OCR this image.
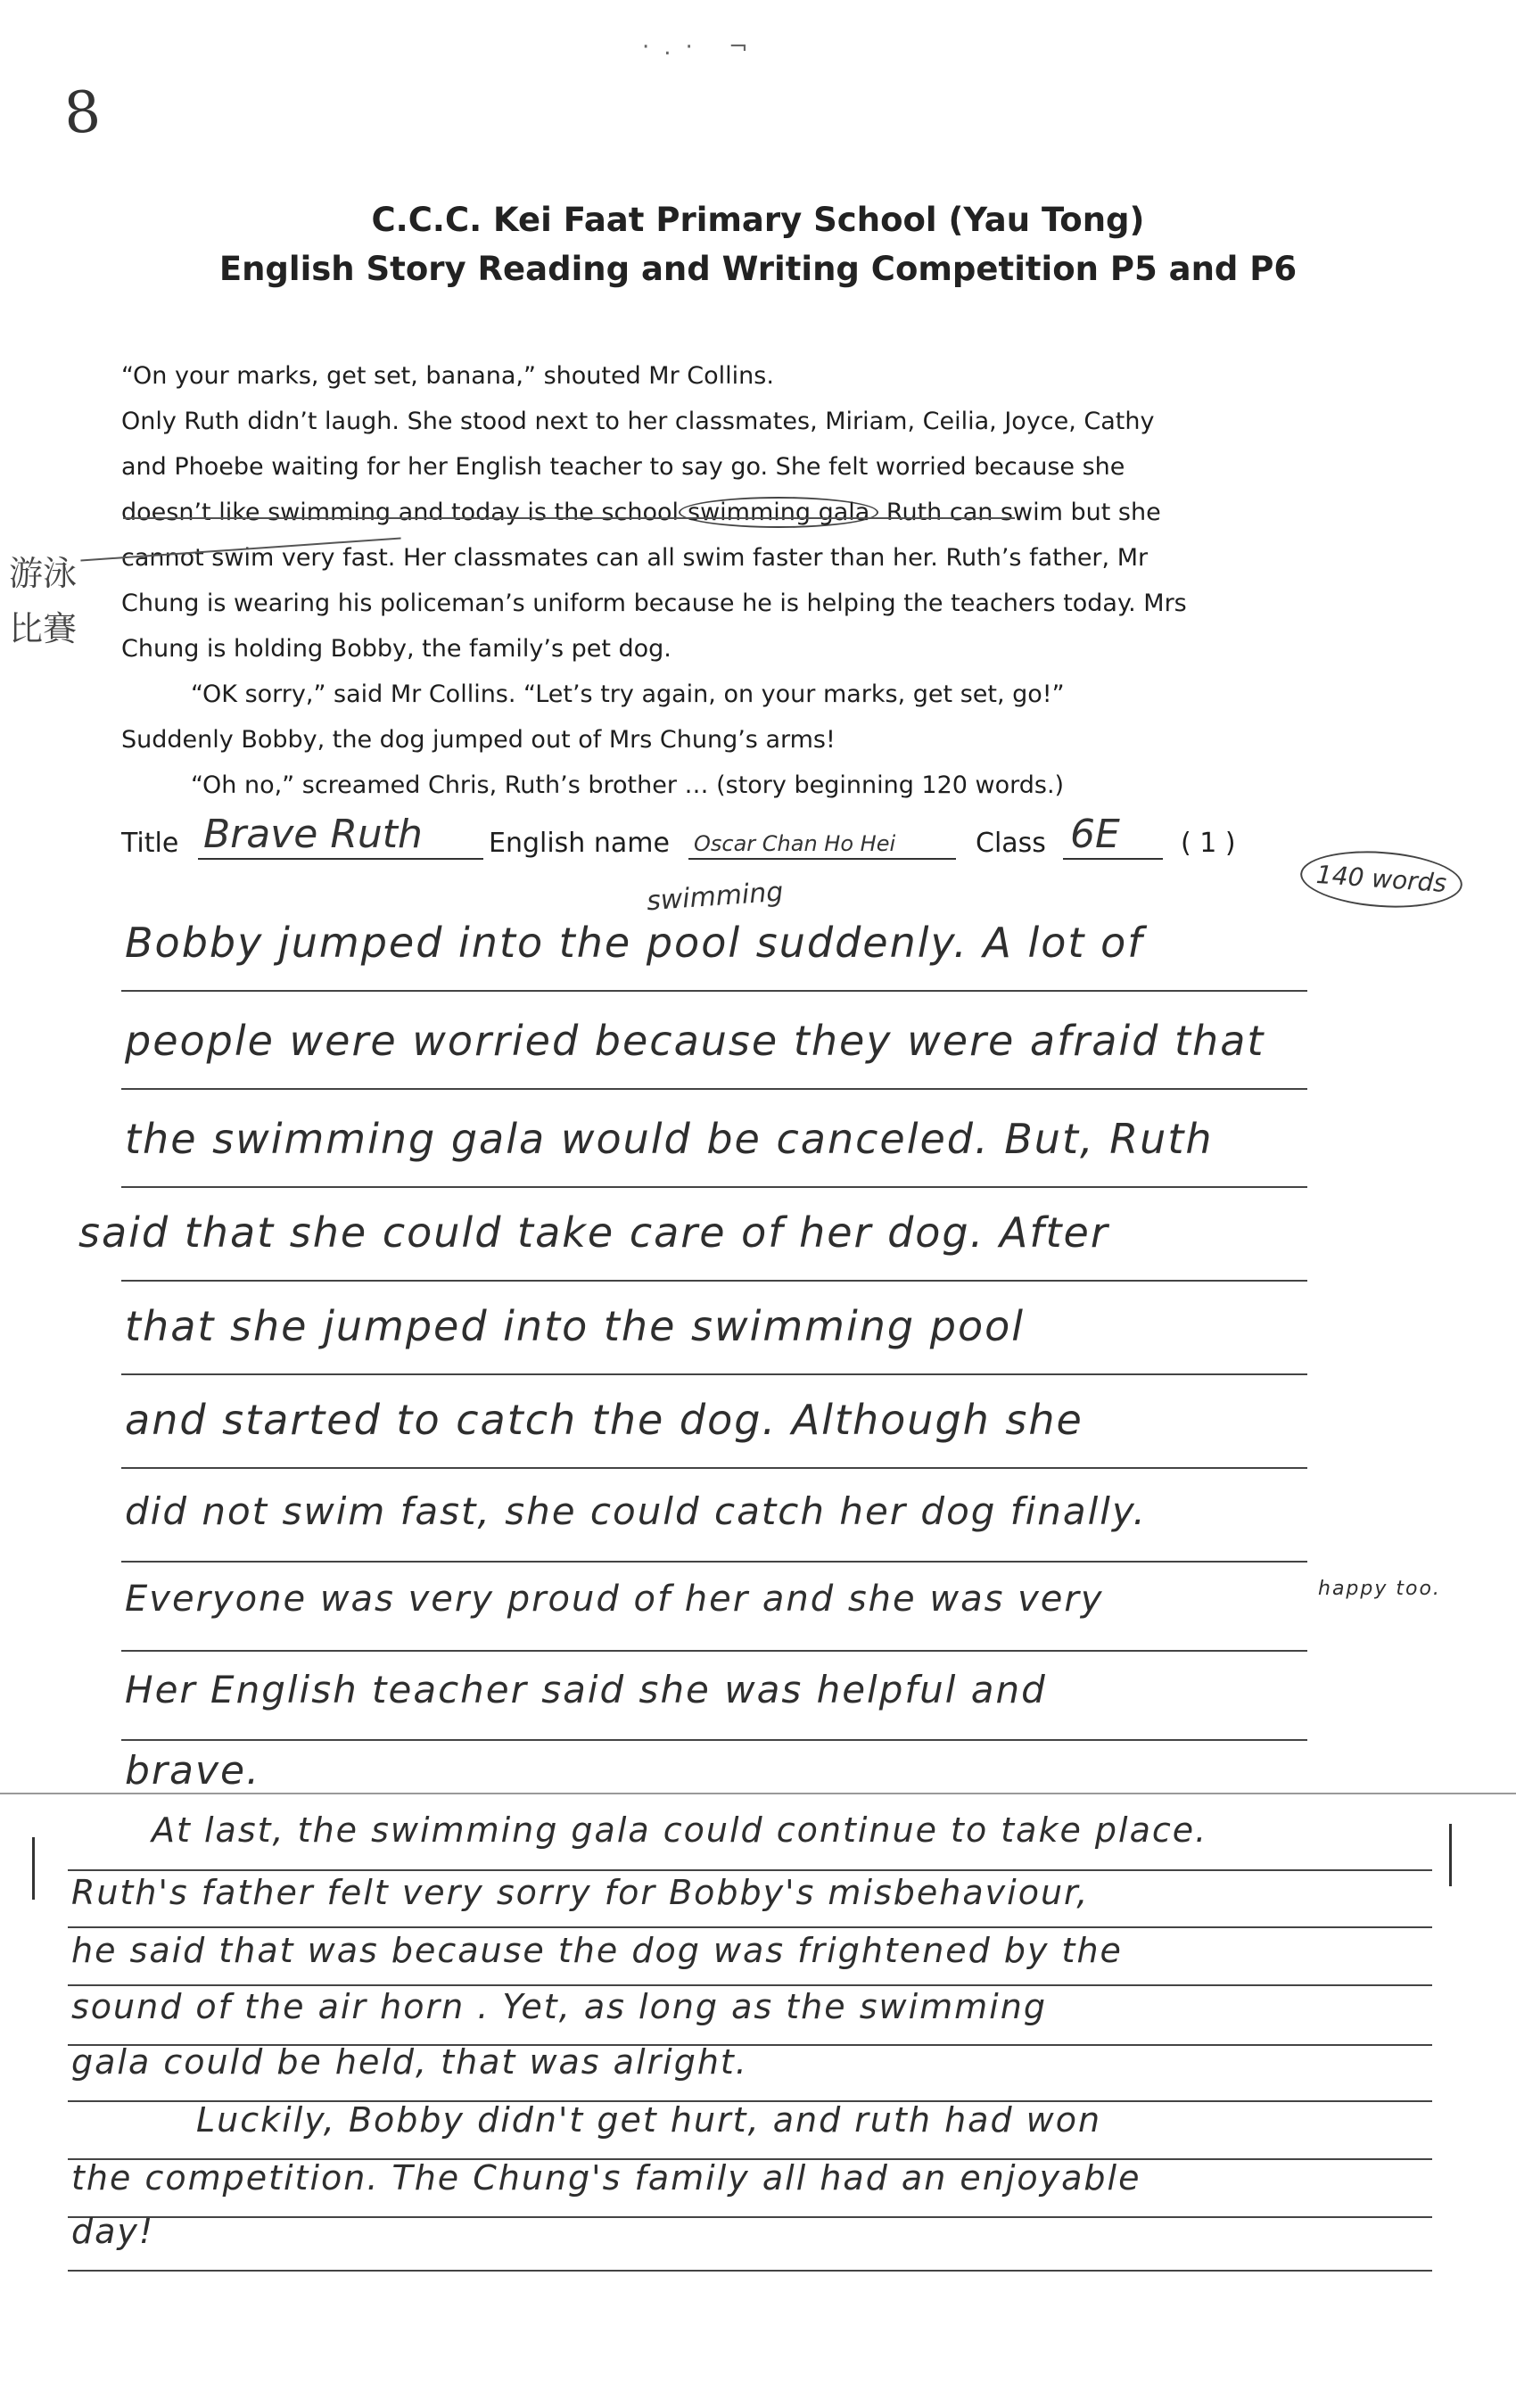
8
·.· ¬
C.C.C. Kei Faat Primary School (Yau Tong)
English Story Reading and Writing Competition P5 and P6
“On your marks, get set, banana,” shouted Mr Collins.
Only Ruth didn’t laugh. She stood next to her classmates, Miriam, Ceilia, Joyce, Cathy
and Phoebe waiting for her English teacher to say go. She felt worried because she
doesn’t like swimming and today is the school swimming gala Ruth can swim but she
cannot swim very fast. Her classmates can all swim faster than her. Ruth’s father, Mr
Chung is wearing his policeman’s uniform because he is helping the teachers today. Mrs
Chung is holding Bobby, the family’s pet dog.
“OK sorry,” said Mr Collins. “Let’s try again, on your marks, get set, go!”
Suddenly Bobby, the dog jumped out of Mrs Chung’s arms!
“Oh no,” screamed Chris, Ruth’s brother … (story beginning 120 words.)
游泳
比賽
Title Brave Ruth English name Oscar Chan Ho Hei	Class 6E ( 1 )
140 words
swimming
Bobby jumped into the pool suddenly. A lot of
people were worried because they were afraid that
the swimming gala would be canceled. But, Ruth
said that she could take care of her dog. After
that she jumped into the swimming pool
and started to catch the dog. Although she
did not swim fast, she could catch her dog finally.
Everyone was very proud of her and she was very	happy too.
Her English teacher said she was helpful and
brave.
At last, the swimming gala could continue to take place.
Ruth's father felt very sorry for Bobby's misbehaviour,
he said that was because the dog was frightened by the
sound of the air horn . Yet, as long as the swimming
gala could be held, that was alright.
Luckily, Bobby didn't get hurt, and ruth had won
the competition. The Chung's family all had an enjoyable
day!
